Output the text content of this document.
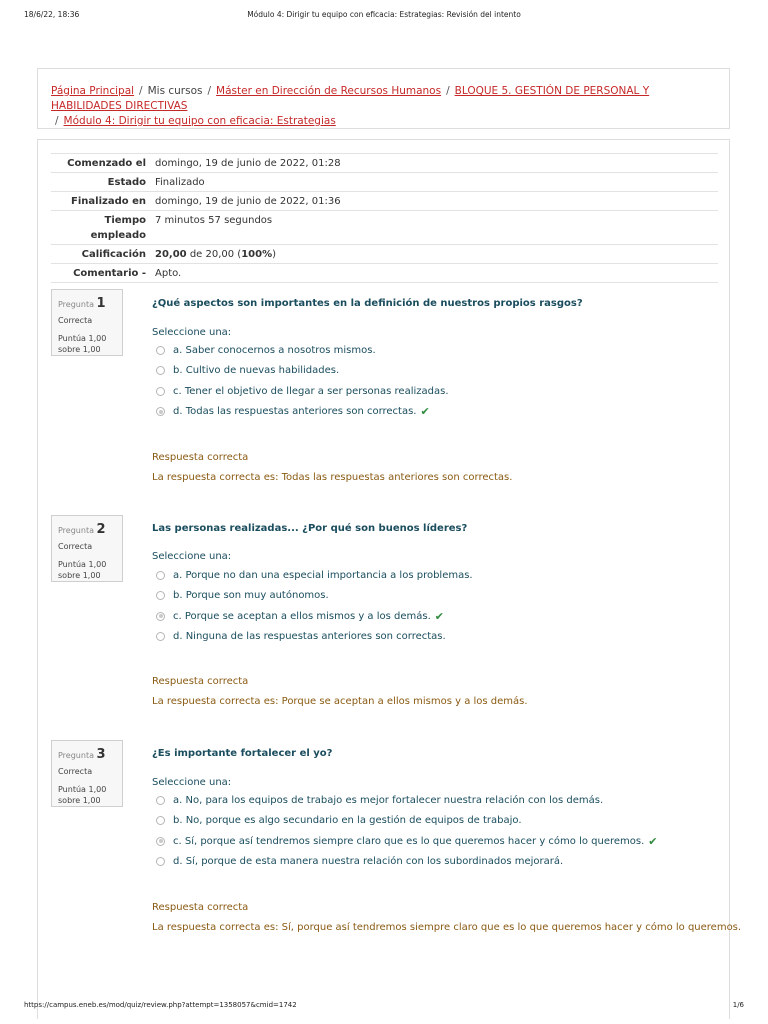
18/6/22, 18:36	Módulo 4: Dirigir tu equipo con eficacia: Estrategias: Revisión del intento
Página Principal / Mis cursos / Máster en Dirección de Recursos Humanos / BLOQUE 5. GESTIÓN DE PERSONAL Y HABILIDADES DIRECTIVAS
/ Módulo 4: Dirigir tu equipo con eficacia: Estrategias
Comenzado el	domingo, 19 de junio de 2022, 01:28
Estado	Finalizado
Finalizado en	domingo, 19 de junio de 2022, 01:36
Tiempo empleado	7 minutos 57 segundos
Calificación	20,00 de 20,00 (100%)
Comentario -	Apto.
Pregunta 1
Correcta
Puntúa 1,00
sobre 1,00
¿Qué aspectos son importantes en la definición de nuestros propios rasgos?
Seleccione una:
a. Saber conocernos a nosotros mismos.
b. Cultivo de nuevas habilidades.
c. Tener el objetivo de llegar a ser personas realizadas.
d. Todas las respuestas anteriores son correctas. ✔
Respuesta correcta
La respuesta correcta es: Todas las respuestas anteriores son correctas.
Pregunta 2
Correcta
Puntúa 1,00
sobre 1,00
Las personas realizadas... ¿Por qué son buenos líderes?
Seleccione una:
a. Porque no dan una especial importancia a los problemas.
b. Porque son muy autónomos.
c. Porque se aceptan a ellos mismos y a los demás. ✔
d. Ninguna de las respuestas anteriores son correctas.
Respuesta correcta
La respuesta correcta es: Porque se aceptan a ellos mismos y a los demás.
Pregunta 3
Correcta
Puntúa 1,00
sobre 1,00
¿Es importante fortalecer el yo?
Seleccione una:
a. No, para los equipos de trabajo es mejor fortalecer nuestra relación con los demás.
b. No, porque es algo secundario en la gestión de equipos de trabajo.
c. Sí, porque así tendremos siempre claro que es lo que queremos hacer y cómo lo queremos. ✔
d. Sí, porque de esta manera nuestra relación con los subordinados mejorará.
Respuesta correcta
La respuesta correcta es: Sí, porque así tendremos siempre claro que es lo que queremos hacer y cómo lo queremos.
https://campus.eneb.es/mod/quiz/review.php?attempt=1358057&cmid=1742	1/6
